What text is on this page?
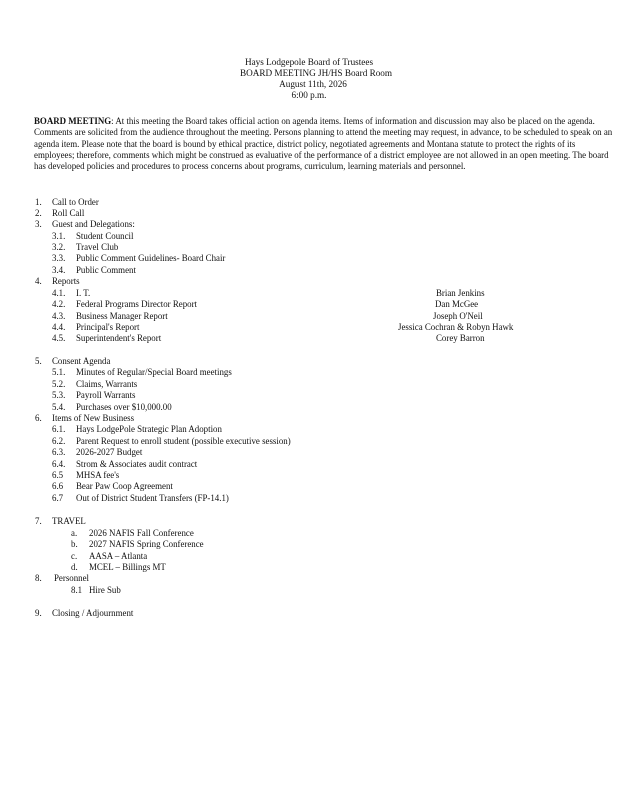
Hays Lodgepole Board of Trustees
BOARD MEETING JH/HS Board Room
August 11th, 2026
6:00 p.m.
BOARD MEETING: At this meeting the Board takes official action on agenda items. Items of information and discussion may also be placed on the agenda. Comments are solicited from the audience throughout the meeting. Persons planning to attend the meeting may request, in advance, to be scheduled to speak on an agenda item. Please note that the board is bound by ethical practice, district policy, negotiated agreements and Montana statute to protect the rights of its employees; therefore, comments which might be construed as evaluative of the performance of a district employee are not allowed in an open meeting. The board has developed policies and procedures to process concerns about programs, curriculum, learning materials and personnel.
1. Call to Order
2. Roll Call
3. Guest and Delegations:
3.1. Student Council
3.2. Travel Club
3.3. Public Comment Guidelines- Board Chair
3.4. Public Comment
4. Reports
4.1. I. T.	Brian Jenkins
4.2. Federal Programs Director Report	Dan McGee
4.3. Business Manager Report	Joseph O'Neil
4.4. Principal's Report	Jessica Cochran & Robyn Hawk
4.5. Superintendent's Report	Corey Barron
5. Consent Agenda
5.1. Minutes of Regular/Special Board meetings
5.2. Claims, Warrants
5.3. Payroll Warrants
5.4. Purchases over $10,000.00
6. Items of New Business
6.1. Hays LodgePole Strategic Plan Adoption
6.2. Parent Request to enroll student (possible executive session)
6.3. 2026-2027 Budget
6.4. Strom & Associates audit contract
6.5 MHSA fee's
6.6 Bear Paw Coop Agreement
6.7 Out of District Student Transfers (FP-14.1)
7. TRAVEL
a. 2026 NAFIS Fall Conference
b. 2027 NAFIS Spring Conference
c. AASA – Atlanta
d. MCEL – Billings MT
8. Personnel
8.1 Hire Sub
9. Closing / Adjournment
